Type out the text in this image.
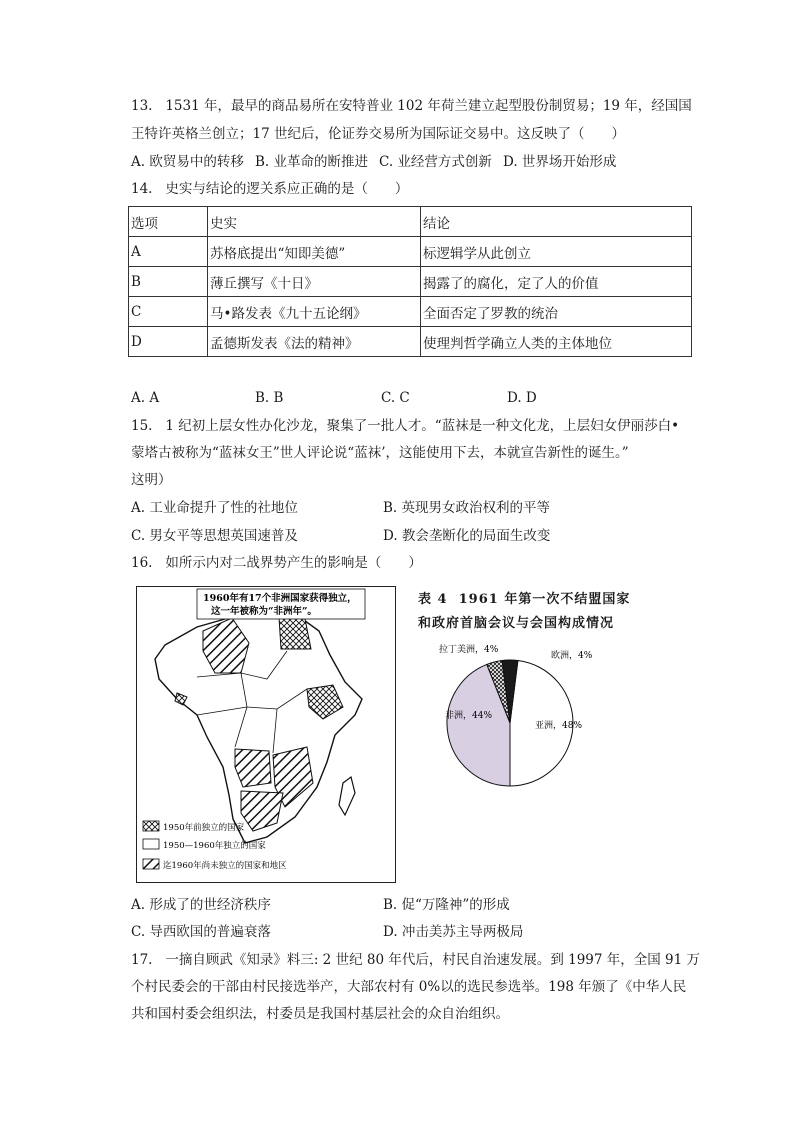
13.   1531 年，最早的商品易所在安特普业 102 年荷兰建立起型股份制贸易；19 年，经国国
王特许英格兰创立；17 世纪后，伦证券交易所为国际证交易中。这反映了（　　）
A. 欧贸易中的转移 B. 业革命的断推进 C. 业经营方式创新 D. 世界场开始形成
14.   史实与结论的逻关系应正确的是（　　）
选项	史实	结论
A	苏格底提出“知即美德”	标逻辑学从此创立
B	薄丘撰写《十日》	揭露了的腐化，定了人的价值
C	马•路发表《九十五论纲》	全面否定了罗教的统治
D	孟德斯发表《法的精神》	使理判哲学确立人类的主体地位
A. A	B. B	C. C	D. D
15.   1 纪初上层女性办化沙龙，聚集了一批人才。“蓝袜是一种文化龙，上层妇女伊丽莎白•
蒙塔古被称为“蓝袜女王”世人评论说“蓝袜’，这能使用下去，本就宣告新性的诞生。”
这明）
A. 工业命提升了性的社地位	B. 英现男女政治权利的平等
C. 男女平等思想英国速普及	D. 教会垄断化的局面生改变
16.   如所示内对二战界势产生的影响是（　　）
1960年有17个非洲国家获得独立，
这一年被称为“非洲年”。
1950年前独立的国家
1950—1960年独立的国家
迄1960年尚未独立的国家和地区
表 4  1961 年第一次不结盟国家
和政府首脑会议与会国构成情况
亚洲，48%
非洲，44%
拉丁美洲，4%
欧洲，4%
A. 形成了的世经济秩序	B. 促“万隆神”的形成
C. 导西欧国的普遍衰落	D. 冲击美苏主导两极局
17.   一摘自顾武《知录》料三: 2 世纪 80 年代后，村民自治速发展。到 1997 年，全国 91 万
个村民委会的干部由村民接选举产，大部农村有 0%以的选民参选举。198 年颁了《中华人民
共和国村委会组织法，村委员是我国村基层社会的众自治组织。
